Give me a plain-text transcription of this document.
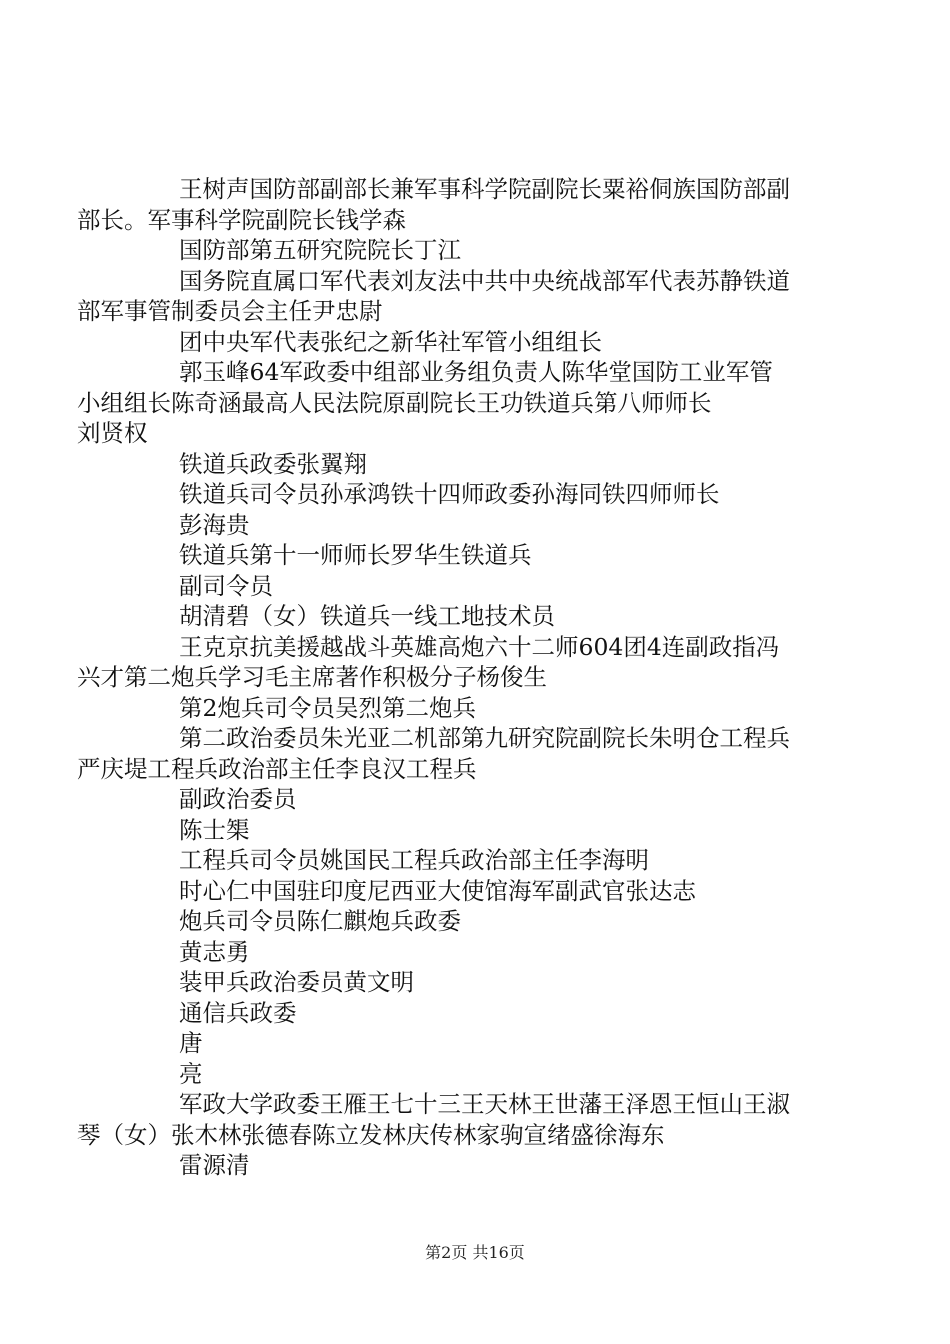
王树声国防部副部长兼军事科学院副院长粟裕侗族国防部副
部长。军事科学院副院长钱学森

国防部第五研究院院长丁江

国务院直属口军代表刘友法中共中央统战部军代表苏静铁道
部军事管制委员会主任尹忠尉

团中央军代表张纪之新华社军管小组组长

郭玉峰64军政委中组部业务组负责人陈华堂国防工业军管
小组组长陈奇涵最高人民法院原副院长王功铁道兵第八师师长
刘贤权

铁道兵政委张翼翔

铁道兵司令员孙承鸿铁十四师政委孙海同铁四师师长

彭海贵

铁道兵第十一师师长罗华生铁道兵

副司令员

胡清碧（女）铁道兵一线工地技术员

王克京抗美援越战斗英雄高炮六十二师604团4连副政指冯
兴才第二炮兵学习毛主席著作积极分子杨俊生

第2炮兵司令员吴烈第二炮兵

第二政治委员朱光亚二机部第九研究院副院长朱明仓工程兵
严庆堤工程兵政治部主任李良汉工程兵

副政治委员

陈士榘

工程兵司令员姚国民工程兵政治部主任李海明

时心仁中国驻印度尼西亚大使馆海军副武官张达志

炮兵司令员陈仁麒炮兵政委

黄志勇

装甲兵政治委员黄文明

通信兵政委

唐

亮

军政大学政委王雁王七十三王天林王世藩王泽恩王恒山王淑
琴（女）张木林张德春陈立发林庆传林家驹宣绪盛徐海东

雷源清

第2页 共16页
